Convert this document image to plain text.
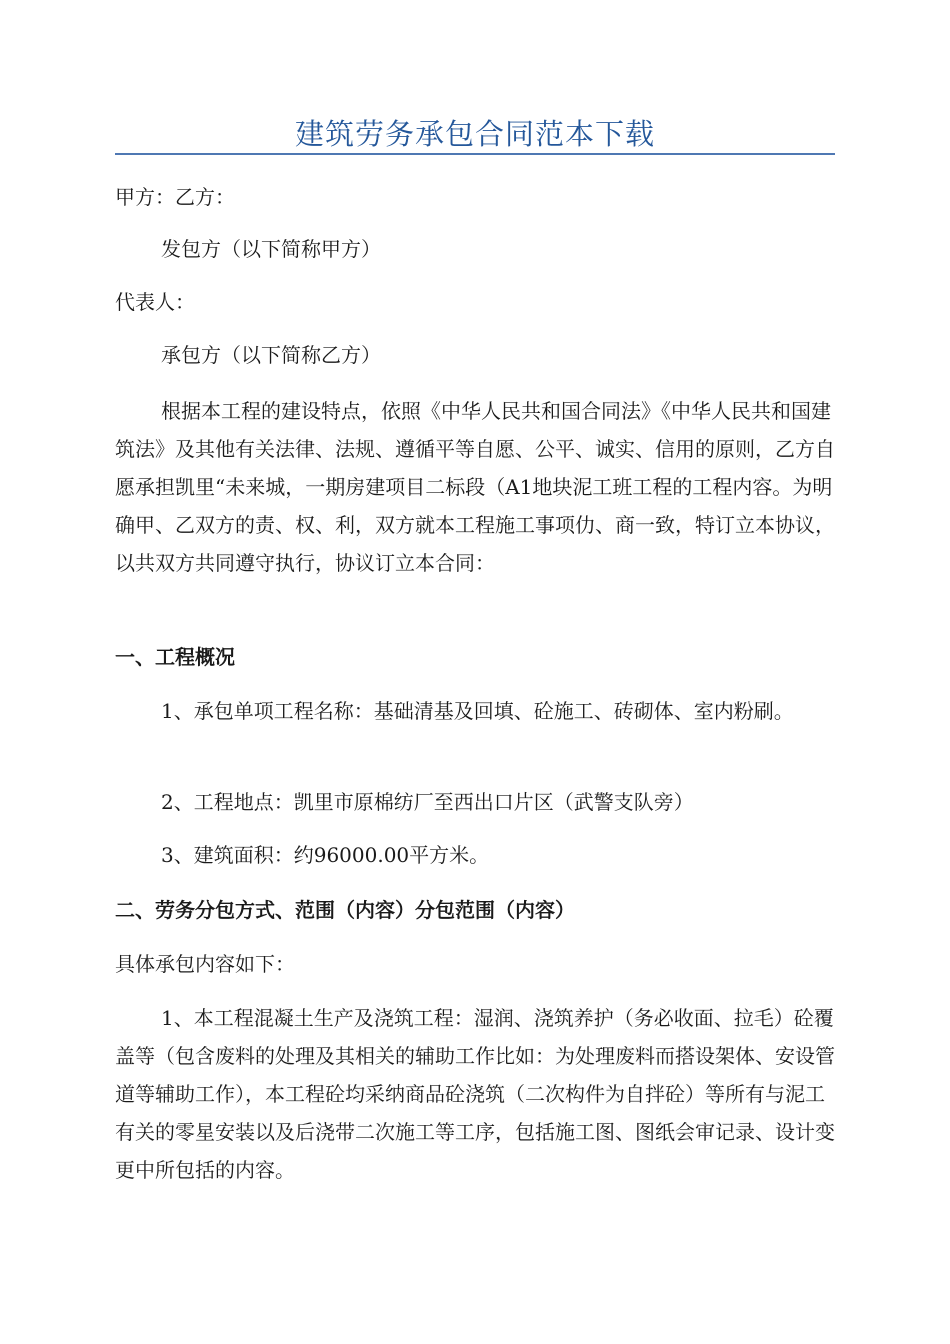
建筑劳务承包合同范本下载

甲方：乙方：

发包方（以下简称甲方）

代表人：

承包方（以下简称乙方）

根据本工程的建设特点，依照《中华人民共和国合同法》《中华人民共和国建筑法》及其他有关法律、法规、遵循平等自愿、公平、诚实、信用的原则，乙方自愿承担凯里“未来城，一期房建项目二标段（A1地块泥工班工程的工程内容。为明确甲、乙双方的责、权、利，双方就本工程施工事项仂、商一致，特订立本协议，以共双方共同遵守执行，协议订立本合同：

一、工程概况

1、承包单项工程名称：基础清基及回填、砼施工、砖砌体、室内粉刷。

2、工程地点：凯里市原棉纺厂至西出口片区（武警支队旁）

3、建筑面积：约96000.00平方米。

二、劳务分包方式、范围（内容）分包范围（内容）

具体承包内容如下：

1、本工程混凝土生产及浇筑工程：湿润、浇筑养护（务必收面、拉毛）砼覆盖等（包含废料的处理及其相关的辅助工作比如：为处理废料而搭设架体、安设管道等辅助工作），本工程砼均采纳商品砼浇筑（二次构件为自拌砼）等所有与泥工有关的零星安装以及后浇带二次施工等工序，包括施工图、图纸会审记录、设计变更中所包括的内容。
